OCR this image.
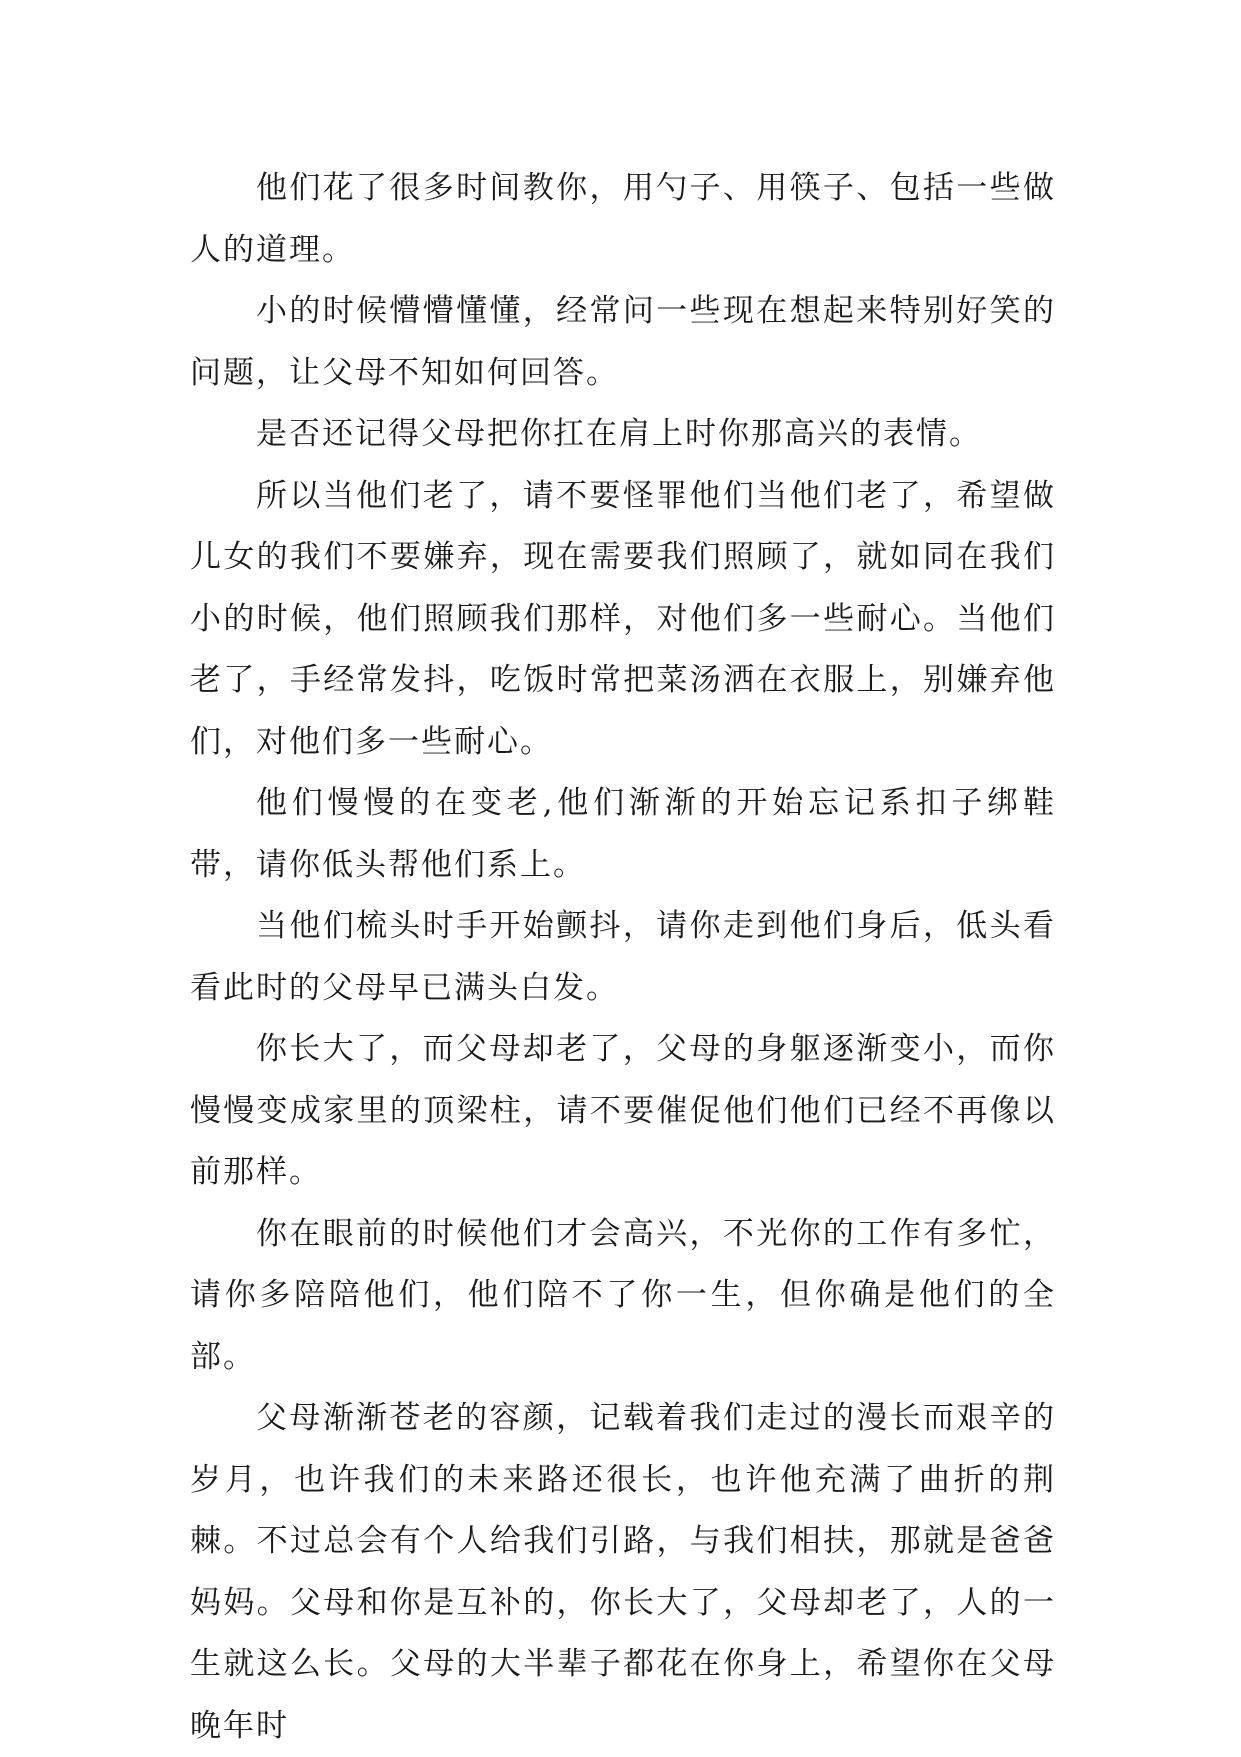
他们花了很多时间教你，用勺子、用筷子、包括一些做人的道理。

小的时候懵懵懂懂，经常问一些现在想起来特别好笑的问题，让父母不知如何回答。

是否还记得父母把你扛在肩上时你那高兴的表情。

所以当他们老了，请不要怪罪他们当他们老了，希望做儿女的我们不要嫌弃，现在需要我们照顾了，就如同在我们小的时候，他们照顾我们那样，对他们多一些耐心。当他们老了，手经常发抖，吃饭时常把菜汤洒在衣服上，别嫌弃他们，对他们多一些耐心。

他们慢慢的在变老,他们渐渐的开始忘记系扣子绑鞋带，请你低头帮他们系上。

当他们梳头时手开始颤抖，请你走到他们身后，低头看看此时的父母早已满头白发。

你长大了，而父母却老了，父母的身躯逐渐变小，而你慢慢变成家里的顶梁柱，请不要催促他们他们已经不再像以前那样。

你在眼前的时候他们才会高兴，不光你的工作有多忙，请你多陪陪他们，他们陪不了你一生，但你确是他们的全部。

父母渐渐苍老的容颜，记载着我们走过的漫长而艰辛的岁月，也许我们的未来路还很长，也许他充满了曲折的荆棘。不过总会有个人给我们引路，与我们相扶，那就是爸爸妈妈。父母和你是互补的，你长大了，父母却老了，人的一生就这么长。父母的大半辈子都花在你身上，希望你在父母晚年时
